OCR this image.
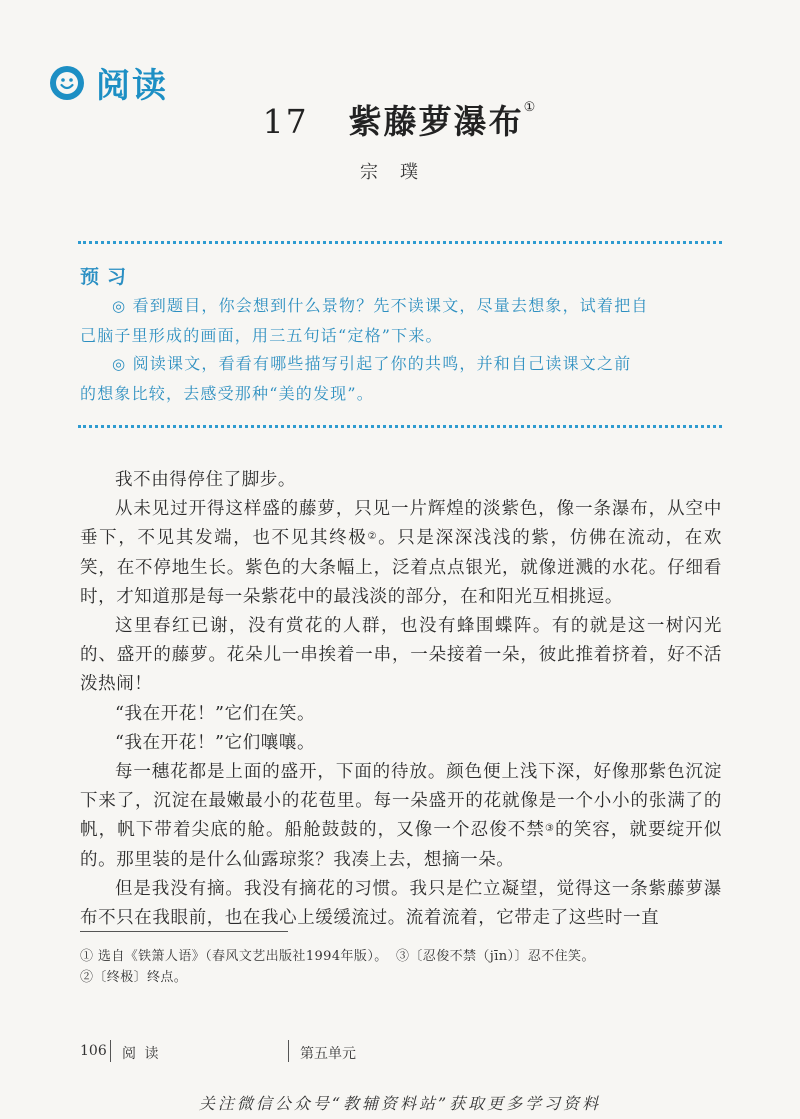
阅读
17 紫藤萝瀑布①
宗璞
预习
◎ 看到题目，你会想到什么景物？先不读课文，尽量去想象，试着把自
己脑子里形成的画面，用三五句话“定格”下来。
◎ 阅读课文，看看有哪些描写引起了你的共鸣，并和自己读课文之前
的想象比较，去感受那种“美的发现”。

我不由得停住了脚步。

从未见过开得这样盛的藤萝，只见一片辉煌的淡紫色，像一条瀑布，从空中垂下，不见其发端，也不见其终极②。只是深深浅浅的紫，仿佛在流动，在欢笑，在不停地生长。紫色的大条幅上，泛着点点银光，就像迸溅的水花。仔细看时，才知道那是每一朵紫花中的最浅淡的部分，在和阳光互相挑逗。

这里春红已谢，没有赏花的人群，也没有蜂围蝶阵。有的就是这一树闪光的、盛开的藤萝。花朵儿一串挨着一串，一朵接着一朵，彼此推着挤着，好不活泼热闹！

“我在开花！”它们在笑。

“我在开花！”它们嚷嚷。

每一穗花都是上面的盛开，下面的待放。颜色便上浅下深，好像那紫色沉淀下来了，沉淀在最嫩最小的花苞里。每一朵盛开的花就像是一个小小的张满了的帆，帆下带着尖底的舱。船舱鼓鼓的，又像一个忍俊不禁③的笑容，就要绽开似的。那里装的是什么仙露琼浆？我凑上去，想摘一朵。

但是我没有摘。我没有摘花的习惯。我只是伫立凝望，觉得这一条紫藤萝瀑布不只在我眼前，也在我心上缓缓流过。流着流着，它带走了这些时一直

① 选自《铁箫人语》（春风文艺出版社1994年版）。 ③〔忍俊不禁（jīn）〕忍不住笑。
②〔终极〕终点。
106 阅 读	第五单元
关注微信公众号“教辅资料站”获取更多学习资料
